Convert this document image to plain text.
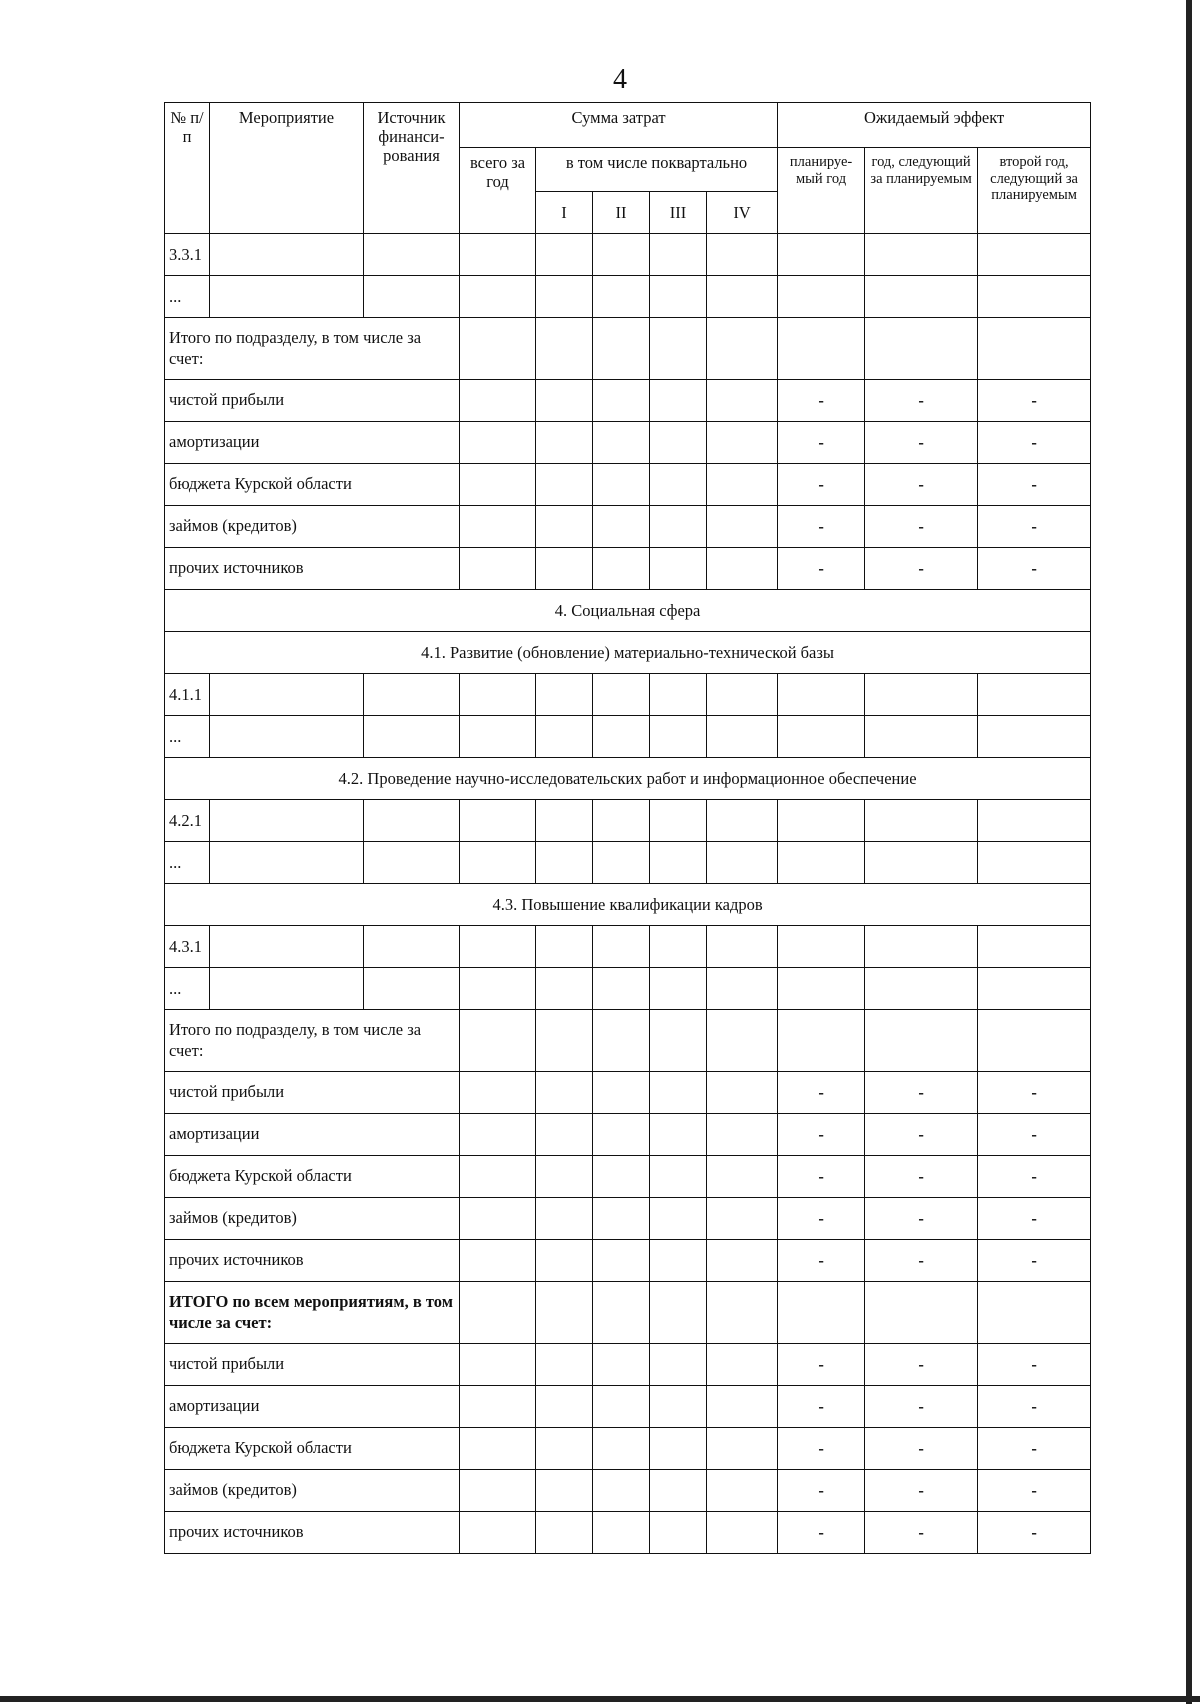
4
№ п/п	Мероприятие	Источник финанси-рования	Сумма затрат					Ожидаемый эффект		
			всего за год	в том числе поквартально				планируе-мый год	год, следующий за планируемым	второй год, следующий за планируемым
				I	II	III	IV			
3.3.1										
...										
Итого по подразделу, в том числе за счет:										
чистой прибыли								-	-	-
амортизации								-	-	-
бюджета Курской области								-	-	-
займов (кредитов)								-	-	-
прочих источников								-	-	-
4. Социальная сфера										
4.1. Развитие (обновление) материально-технической базы										
4.1.1										
...										
4.2. Проведение научно-исследовательских работ и информационное обеспечение										
4.2.1										
...										
4.3. Повышение квалификации кадров										
4.3.1										
...										
Итого по подразделу, в том числе за счет:										
чистой прибыли								-	-	-
амортизации								-	-	-
бюджета Курской области								-	-	-
займов (кредитов)								-	-	-
прочих источников								-	-	-
ИТОГО по всем мероприятиям, в том числе за счет:										
чистой прибыли								-	-	-
амортизации								-	-	-
бюджета Курской области								-	-	-
займов (кредитов)								-	-	-
прочих источников								-	-	-
